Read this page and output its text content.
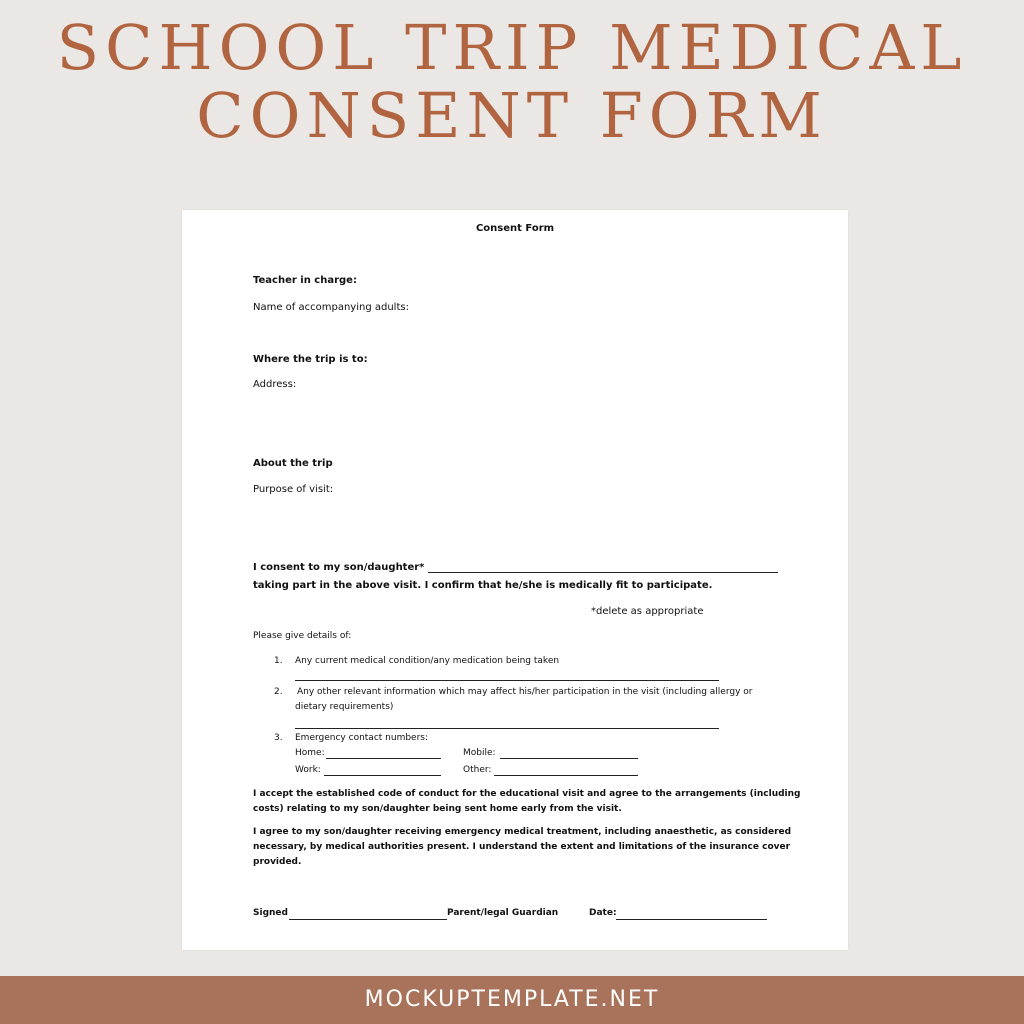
SCHOOL TRIP MEDICAL
CONSENT FORM
Consent Form
Teacher in charge:
Name of accompanying adults:
Where the trip is to:
Address:
About the trip
Purpose of visit:
I consent to my son/daughter*
taking part in the above visit. I confirm that he/she is medically fit to participate.
*delete as appropriate
Please give details of:
1. Any current medical condition/any medication being taken
2. Any other relevant information which may affect his/her participation in the visit (including allergy or
dietary requirements)
3. Emergency contact numbers:
Home:	Mobile:
Work:	Other:
I accept the established code of conduct for the educational visit and agree to the arrangements (including
costs) relating to my son/daughter being sent home early from the visit.
I agree to my son/daughter receiving emergency medical treatment, including anaesthetic, as considered
necessary, by medical authorities present. I understand the extent and limitations of the insurance cover
provided.
Signed	Parent/legal Guardian	Date:
MOCKUPTEMPLATE.NET
